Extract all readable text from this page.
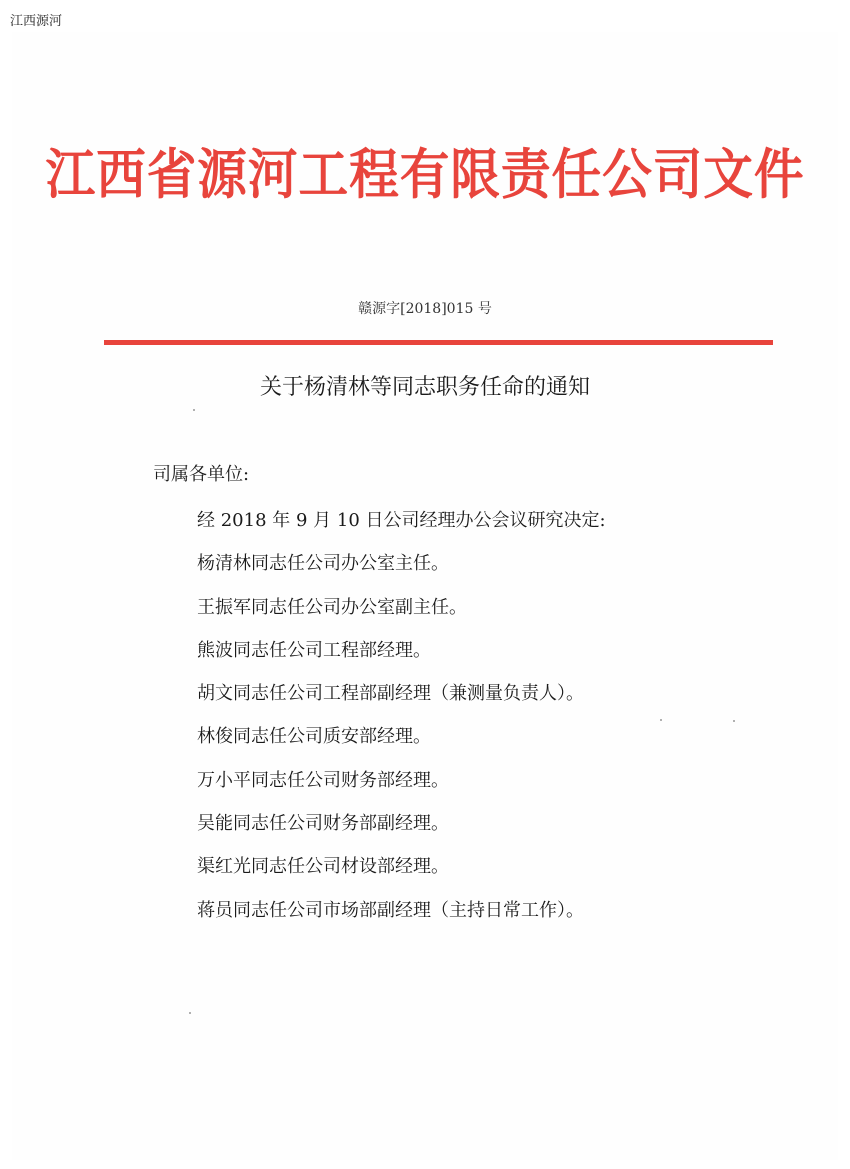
江西源河
江西省源河工程有限责任公司文件
赣源字[2018]015 号
关于杨清林等同志职务任命的通知
司属各单位:
经 2018 年 9 月 10 日公司经理办公会议研究决定:
杨清林同志任公司办公室主任。
王振军同志任公司办公室副主任。
熊波同志任公司工程部经理。
胡文同志任公司工程部副经理（兼测量负责人）。
林俊同志任公司质安部经理。
万小平同志任公司财务部经理。
吴能同志任公司财务部副经理。
渠红光同志任公司材设部经理。
蒋员同志任公司市场部副经理（主持日常工作）。
